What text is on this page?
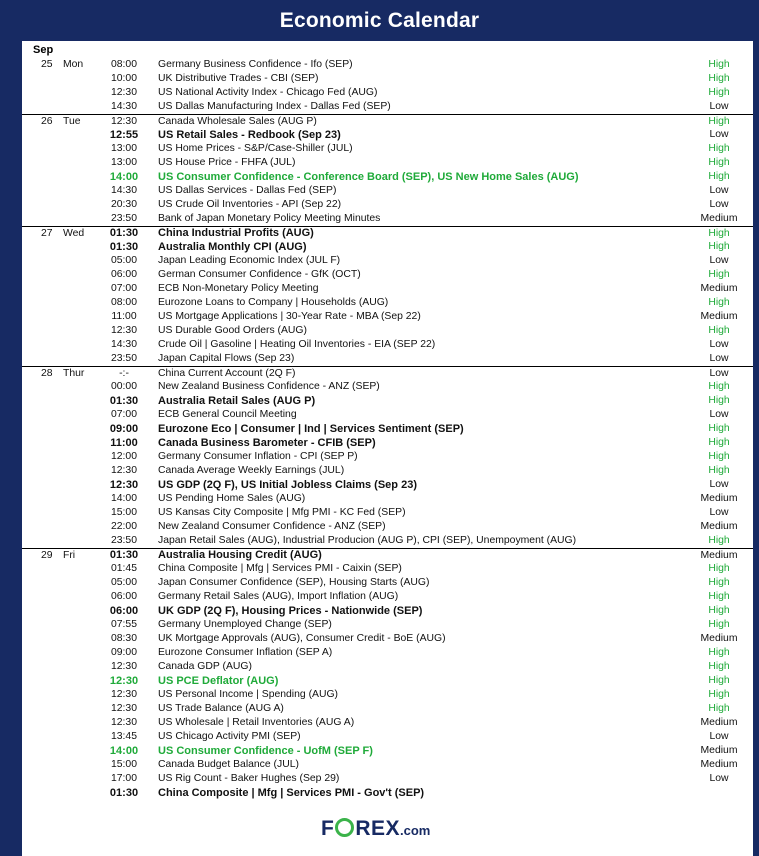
Economic Calendar
Sep
25 Mon	08:00	Germany Business Confidence - Ifo (SEP)	High
10:00	UK Distributive Trades - CBI (SEP)	High
12:30	US National Activity Index - Chicago Fed (AUG)	High
14:30	US Dallas Manufacturing Index - Dallas Fed (SEP)	Low
26 Tue	12:30	Canada Wholesale Sales (AUG P)	High
12:55	US Retail Sales - Redbook (Sep 23)	Low
13:00	US Home Prices - S&P/Case-Shiller (JUL)	High
13:00	US House Price - FHFA (JUL)	High
14:00	US Consumer Confidence - Conference Board (SEP), US New Home Sales (AUG)	High
14:30	US Dallas Services - Dallas Fed (SEP)	Low
20:30	US Crude Oil Inventories - API (Sep 22)	Low
23:50	Bank of Japan Monetary Policy Meeting Minutes	Medium
27 Wed	01:30	China Industrial Profits (AUG)	High
01:30	Australia Monthly CPI (AUG)	High
05:00	Japan Leading Economic Index (JUL F)	Low
06:00	German Consumer Confidence - GfK (OCT)	High
07:00	ECB Non-Monetary Policy Meeting	Medium
08:00	Eurozone Loans to Company | Households (AUG)	High
11:00	US Mortgage Applications | 30-Year Rate - MBA (Sep 22)	Medium
12:30	US Durable Good Orders (AUG)	High
14:30	Crude Oil | Gasoline | Heating Oil Inventories - EIA (SEP 22)	Low
23:50	Japan Capital Flows (Sep 23)	Low
28 Thur	-:-	China Current Account (2Q F)	Low
00:00	New Zealand Business Confidence - ANZ (SEP)	High
01:30	Australia Retail Sales (AUG P)	High
07:00	ECB General Council Meeting	Low
09:00	Eurozone Eco | Consumer | Ind | Services Sentiment (SEP)	High
11:00	Canada Business Barometer - CFIB (SEP)	High
12:00	Germany Consumer Inflation - CPI (SEP P)	High
12:30	Canada Average Weekly Earnings (JUL)	High
12:30	US GDP (2Q F), US Initial Jobless Claims (Sep 23)	Low
14:00	US Pending Home Sales (AUG)	Medium
15:00	US Kansas City Composite | Mfg PMI - KC Fed (SEP)	Low
22:00	New Zealand Consumer Confidence - ANZ (SEP)	Medium
23:50	Japan Retail Sales (AUG), Industrial Producion (AUG P), CPI (SEP), Unempoyment (AUG)	High
29 Fri	01:30	Australia Housing Credit (AUG)	Medium
01:45	China Composite | Mfg | Services PMI - Caixin (SEP)	High
05:00	Japan Consumer Confidence (SEP), Housing Starts (AUG)	High
06:00	Germany Retail Sales (AUG), Import Inflation (AUG)	High
06:00	UK GDP (2Q F), Housing Prices - Nationwide (SEP)	High
07:55	Germany Unemployed Change (SEP)	High
08:30	UK Mortgage Approvals (AUG), Consumer Credit - BoE (AUG)	Medium
09:00	Eurozone Consumer Inflation (SEP A)	High
12:30	Canada GDP (AUG)	High
12:30	US PCE Deflator (AUG)	High
12:30	US Personal Income | Spending (AUG)	High
12:30	US Trade Balance (AUG A)	High
12:30	US Wholesale | Retail Inventories (AUG A)	Medium
13:45	US Chicago Activity PMI (SEP)	Low
14:00	US Consumer Confidence - UofM (SEP F)	Medium
15:00	Canada Budget Balance (JUL)	Medium
17:00	US Rig Count - Baker Hughes (Sep 29)	Low
01:30	China Composite | Mfg | Services PMI - Gov't (SEP)
F REX.com
